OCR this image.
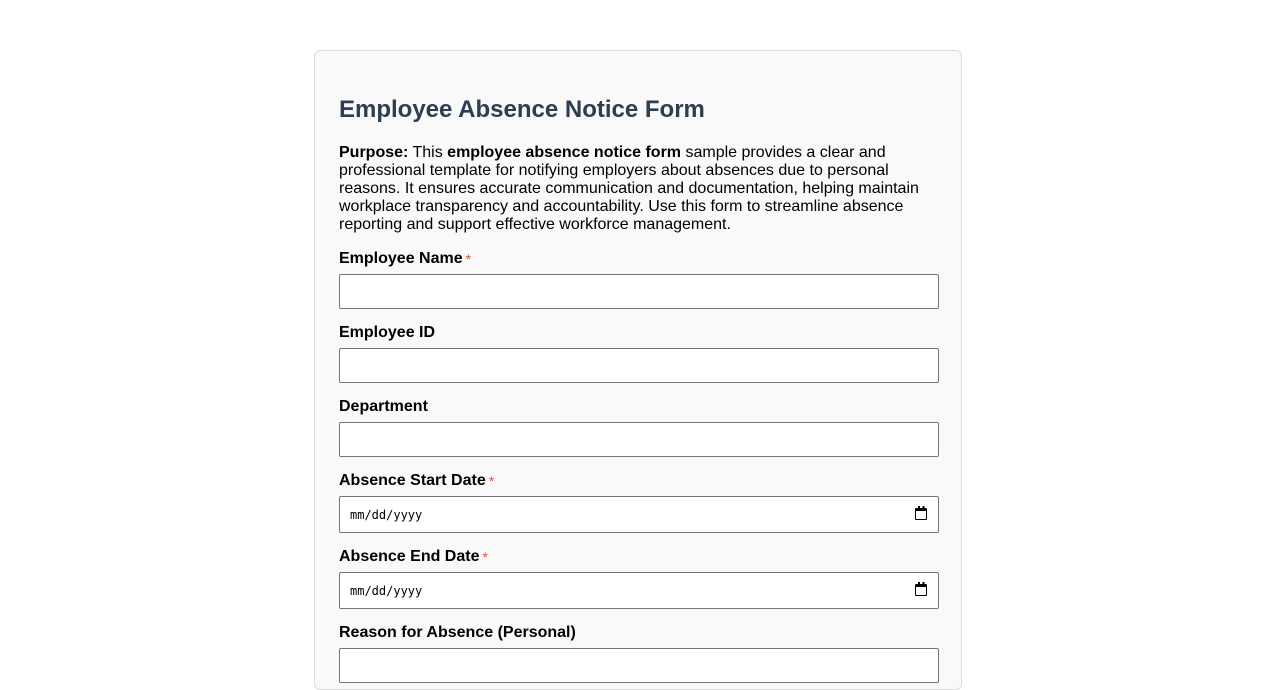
Employee Absence Notice Form

Purpose: This employee absence notice form sample provides a clear and professional template for notifying employers about absences due to personal reasons. It ensures accurate communication and documentation, helping maintain workplace transparency and accountability. Use this form to streamline absence reporting and support effective workforce management.

Employee Name *
Employee ID
Department
Absence Start Date *
mm/dd/yyyy
Absence End Date *
mm/dd/yyyy
Reason for Absence (Personal)
